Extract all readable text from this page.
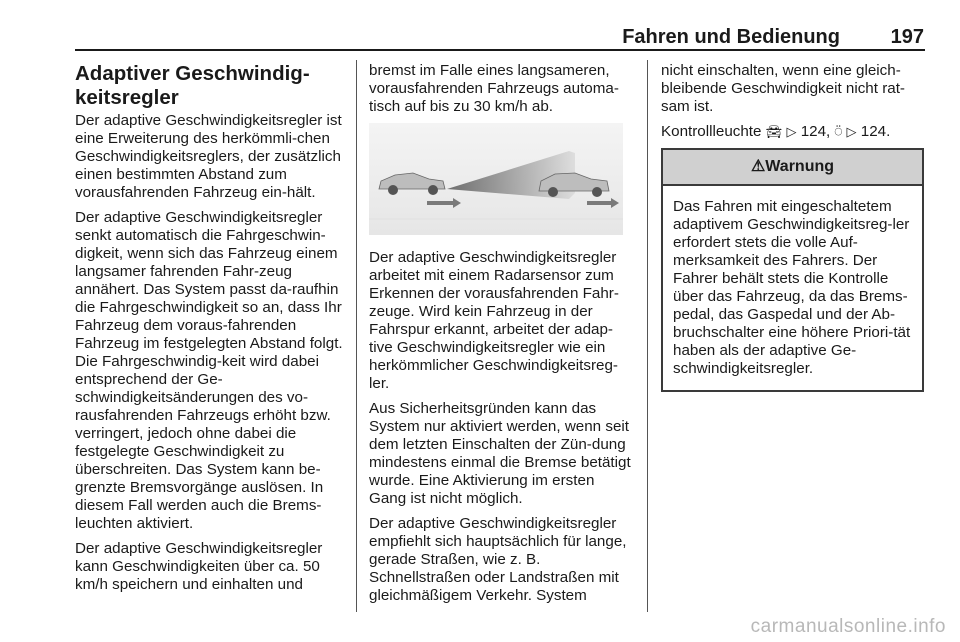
Fahren und Bedienung	197
Adaptiver Geschwindig-
keitsregler

Der adaptive Geschwindigkeitsregler ist eine Erweiterung des herkömmli-chen Geschwindigkeitsreglers, der zusätzlich einen bestimmten Abstand zum vorausfahrenden Fahrzeug ein-hält.

Der adaptive Geschwindigkeitsregler senkt automatisch die Fahrgeschwin-digkeit, wenn sich das Fahrzeug einem langsamer fahrenden Fahr-zeug annähert. Das System passt da-raufhin die Fahrgeschwindigkeit so an, dass Ihr Fahrzeug dem voraus-fahrenden Fahrzeug im festgelegten Abstand folgt. Die Fahrgeschwindig-keit wird dabei entsprechend der Ge-schwindigkeitsänderungen des vo-rausfahrenden Fahrzeugs erhöht bzw. verringert, jedoch ohne dabei die festgelegte Geschwindigkeit zu überschreiten. Das System kann be-grenzte Bremsvorgänge auslösen. In diesem Fall werden auch die Brems-leuchten aktiviert.

Der adaptive Geschwindigkeitsregler kann Geschwindigkeiten über ca. 50 km/h speichern und einhalten und

bremst im Falle eines langsameren, vorausfahrenden Fahrzeugs automa-tisch auf bis zu 30 km/h ab.

Der adaptive Geschwindigkeitsregler arbeitet mit einem Radarsensor zum Erkennen der vorausfahrenden Fahr-zeuge. Wird kein Fahrzeug in der Fahrspur erkannt, arbeitet der adap-tive Geschwindigkeitsregler wie ein herkömmlicher Geschwindigkeitsreg-ler.

Aus Sicherheitsgründen kann das System nur aktiviert werden, wenn seit dem letzten Einschalten der Zün-dung mindestens einmal die Bremse betätigt wurde. Eine Aktivierung im ersten Gang ist nicht möglich.

Der adaptive Geschwindigkeitsregler empfiehlt sich hauptsächlich für lange, gerade Straßen, wie z. B. Schnellstraßen oder Landstraßen mit gleichmäßigem Verkehr. System

nicht einschalten, wenn eine gleich-bleibende Geschwindigkeit nicht rat-sam ist.

Kontrollleuchte 🚘︎ ▷ 124, ⍥ ▷ 124.

⚠Warnung
Das Fahren mit eingeschaltetem adaptivem Geschwindigkeitsreg-ler erfordert stets die volle Auf-merksamkeit des Fahrers. Der Fahrer behält stets die Kontrolle über das Fahrzeug, da das Brems-pedal, das Gaspedal und der Ab-bruchschalter eine höhere Priori-tät haben als der adaptive Ge-schwindigkeitsregler.
carmanualsonline.info
